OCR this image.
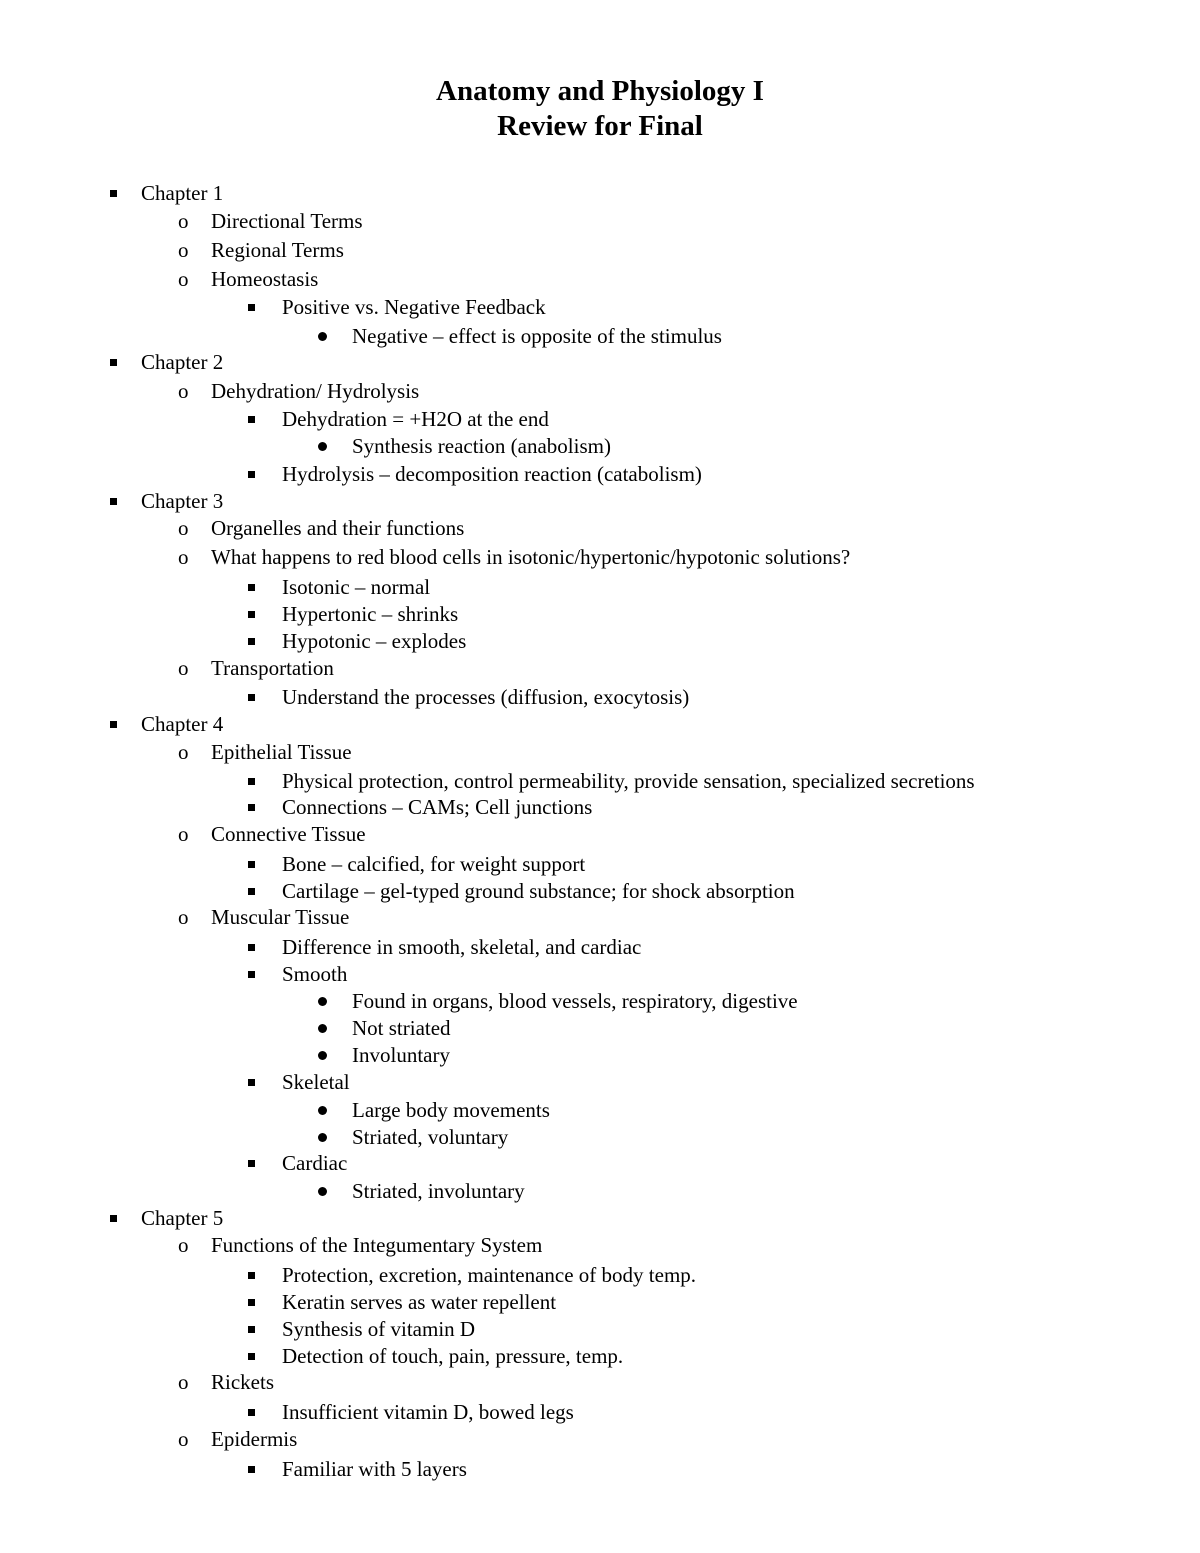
Anatomy and Physiology I
Review for Final
Chapter 1
o Directional Terms
o Regional Terms
o Homeostasis
Positive vs. Negative Feedback
Negative – effect is opposite of the stimulus
Chapter 2
o Dehydration/ Hydrolysis
Dehydration = +H2O at the end
Synthesis reaction (anabolism)
Hydrolysis – decomposition reaction (catabolism)
Chapter 3
o Organelles and their functions
o What happens to red blood cells in isotonic/hypertonic/hypotonic solutions?
Isotonic – normal
Hypertonic – shrinks
Hypotonic – explodes
o Transportation
Understand the processes (diffusion, exocytosis)
Chapter 4
o Epithelial Tissue
Physical protection, control permeability, provide sensation, specialized secretions
Connections – CAMs; Cell junctions
o Connective Tissue
Bone – calcified, for weight support
Cartilage – gel-typed ground substance; for shock absorption
o Muscular Tissue
Difference in smooth, skeletal, and cardiac
Smooth
Found in organs, blood vessels, respiratory, digestive
Not striated
Involuntary
Skeletal
Large body movements
Striated, voluntary
Cardiac
Striated, involuntary
Chapter 5
o Functions of the Integumentary System
Protection, excretion, maintenance of body temp.
Keratin serves as water repellent
Synthesis of vitamin D
Detection of touch, pain, pressure, temp.
o Rickets
Insufficient vitamin D, bowed legs
o Epidermis
Familiar with 5 layers
